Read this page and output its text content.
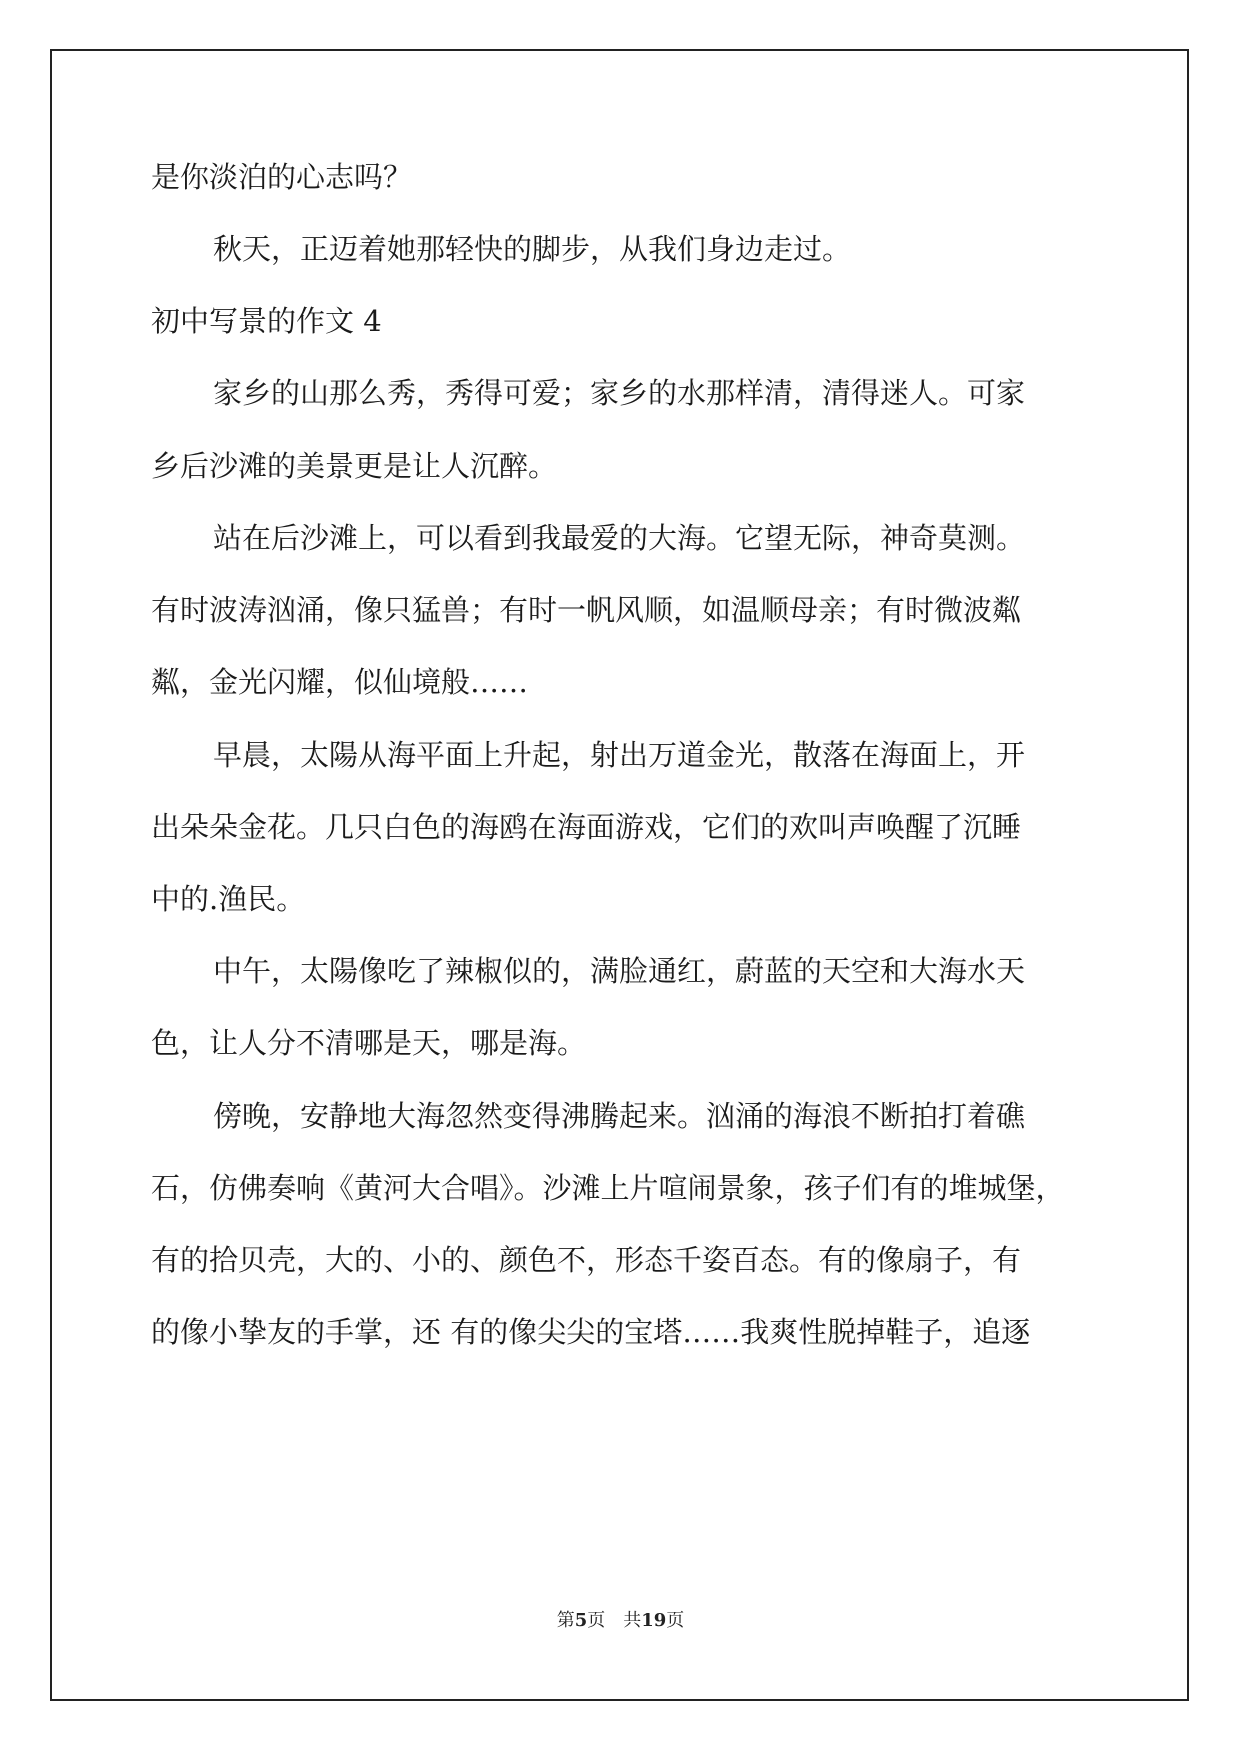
是你淡泊的心志吗？
秋天，正迈着她那轻快的脚步，从我们身边走过。
初中写景的作文 4
家乡的山那么秀，秀得可爱；家乡的水那样清，清得迷人。可家
乡后沙滩的美景更是让人沉醉。
站在后沙滩上，可以看到我最爱的大海。它望无际，神奇莫测。
有时波涛汹涌，像只猛兽；有时一帆风顺，如温顺母亲；有时微波粼
粼，金光闪耀，似仙境般……
早晨，太陽从海平面上升起，射出万道金光，散落在海面上，开
出朵朵金花。几只白色的海鸥在海面游戏，它们的欢叫声唤醒了沉睡
中的.渔民。
中午，太陽像吃了辣椒似的，满脸通红，蔚蓝的天空和大海水天
色，让人分不清哪是天，哪是海。
傍晚，安静地大海忽然变得沸腾起来。汹涌的海浪不断拍打着礁
石，仿佛奏响《黄河大合唱》。沙滩上片喧闹景象，孩子们有的堆城堡，
有的拾贝壳，大的、小的、颜色不，形态千姿百态。有的像扇子，有
的像小挚友的手掌，还 有的像尖尖的宝塔……我爽性脱掉鞋子，追逐
第5页　共19页
